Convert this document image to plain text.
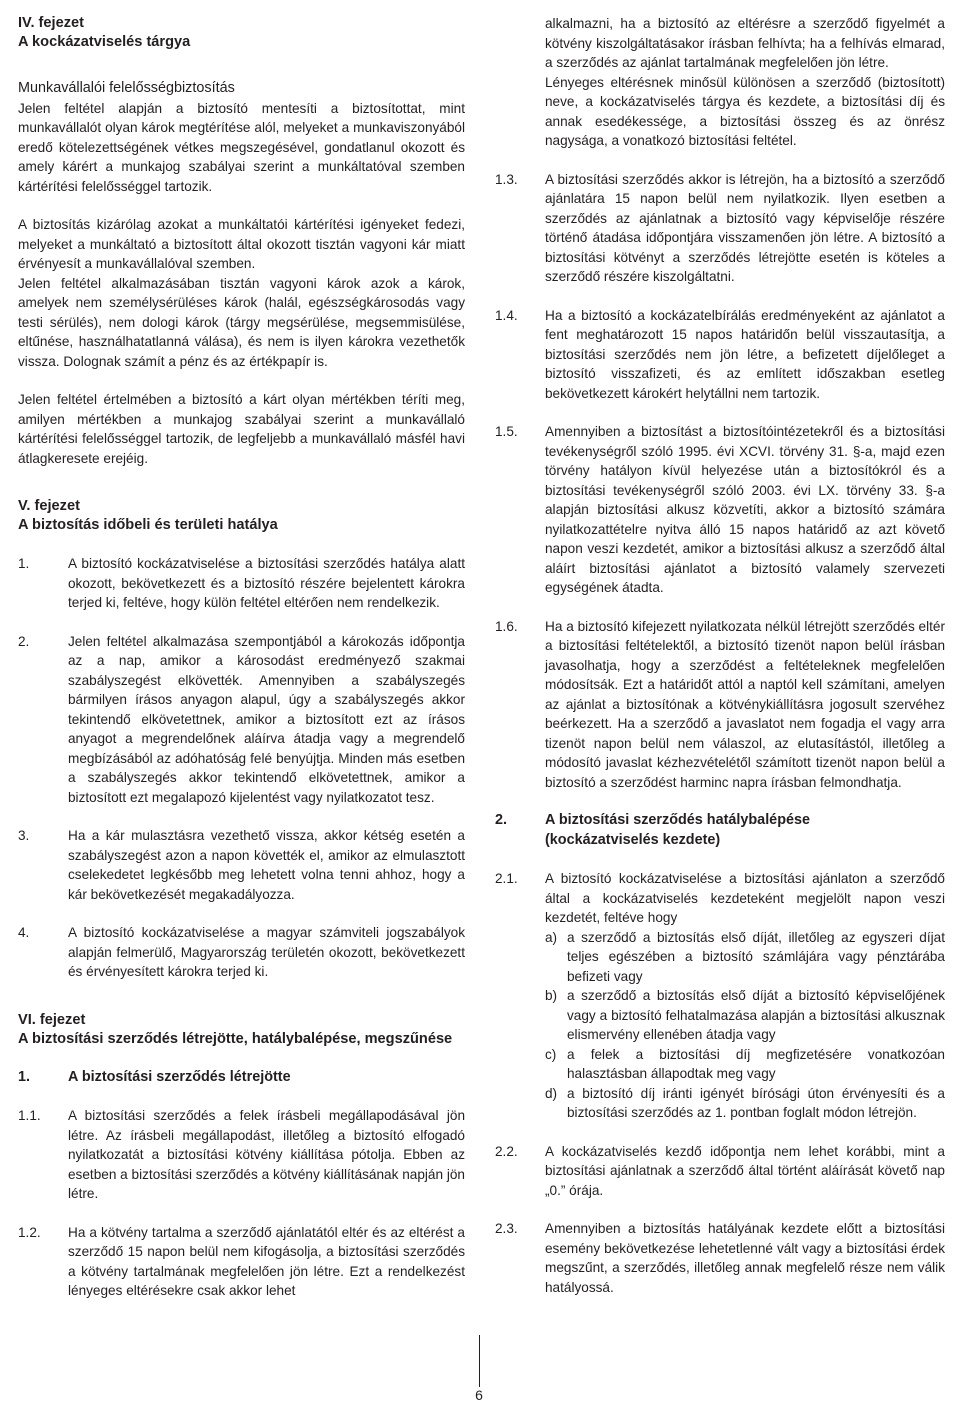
IV. fejezet

A kockázatviselés tárgya

Munkavállalói felelősségbiztosítás

Jelen feltétel alapján a biztosító mentesíti a biztosítottat, mint munkavállalót olyan károk megtérítése alól, melyeket a munkaviszonyából eredő kötelezettségének vétkes megszegésével, gondatlanul okozott és amely kárért a munkajog szabályai szerint a munkáltatóval szemben kártérítési felelősséggel tartozik.

A biztosítás kizárólag azokat a munkáltatói kártérítési igényeket fedezi, melyeket a munkáltató a biztosított által okozott tisztán vagyoni kár miatt érvényesít a munkavállalóval szemben.

Jelen feltétel alkalmazásában tisztán vagyoni károk azok a károk, amelyek nem személysérüléses károk (halál, egészségkárosodás vagy testi sérülés), nem dologi károk (tárgy megsérülése, megsemmisülése, eltűnése, használhatatlanná válása), és nem is ilyen károkra vezethetők vissza. Dolognak számít a pénz és az értékpapír is.

Jelen feltétel értelmében a biztosító a kárt olyan mértékben téríti meg, amilyen mértékben a munkajog szabályai szerint a munkavállaló kártérítési felelősséggel tartozik, de legfeljebb a munkavállaló másfél havi átlagkeresete erejéig.

V. fejezet

A biztosítás időbeli és területi hatálya

1.	A biztosító kockázatviselése a biztosítási szerződés hatálya alatt okozott, bekövetkezett és a biztosító részére bejelentett károkra terjed ki, feltéve, hogy külön feltétel eltérően nem rendelkezik.
2.	Jelen feltétel alkalmazása szempontjából a károkozás időpontja az a nap, amikor a károsodást eredményező szakmai szabályszegést elkövették. Amennyiben a szabályszegés bármilyen írásos anyagon alapul, úgy a szabályszegés akkor tekintendő elkövetettnek, amikor a biztosított ezt az írásos anyagot a megrendelőnek aláírva átadja vagy a megrendelő megbízásából az adóhatóság felé benyújtja. Minden más esetben a szabályszegés akkor tekintendő elkövetettnek, amikor a biztosított ezt megalapozó kijelentést vagy nyilatkozatot tesz.
3.	Ha a kár mulasztásra vezethető vissza, akkor kétség esetén a szabályszegést azon a napon követték el, amikor az elmulasztott cselekedetet legkésőbb meg lehetett volna tenni ahhoz, hogy a kár bekövetkezését megakadályozza.
4.	A biztosító kockázatviselése a magyar számviteli jogszabályok alapján felmerülő, Magyarország területén okozott, bekövetkezett és érvényesített károkra terjed ki.

VI. fejezet

A biztosítási szerződés létrejötte, hatálybalépése, megszűnése

1.	A biztosítási szerződés létrejötte
1.1.	A biztosítási szerződés a felek írásbeli megállapodásával jön létre. Az írásbeli megállapodást, illetőleg a biztosító elfogadó nyilatkozatát a biztosítási kötvény kiállítása pótolja. Ebben az esetben a biztosítási szerződés a kötvény kiállításának napján jön létre.
1.2.	Ha a kötvény tartalma a szerződő ajánlatától eltér és az eltérést a szerződő 15 napon belül nem kifogásolja, a biztosítási szerződés a kötvény tartalmának megfelelően jön létre. Ezt a rendelkezést lényeges eltérésekre csak akkor lehet
alkalmazni, ha a biztosító az eltérésre a szerződő figyelmét a kötvény kiszolgáltatásakor írásban felhívta; ha a felhívás elmarad, a szerződés az ajánlat tartalmának megfelelően jön létre.
Lényeges eltérésnek minősül különösen a szerződő (biztosított) neve, a kockázatviselés tárgya és kezdete, a biztosítási díj és annak esedékessége, a biztosítási összeg és az önrész nagysága, a vonatkozó biztosítási feltétel.
1.3.	A biztosítási szerződés akkor is létrejön, ha a biztosító a szerződő ajánlatára 15 napon belül nem nyilatkozik. Ilyen esetben a szerződés az ajánlatnak a biztosító vagy képviselője részére történő átadása időpontjára visszamenően jön létre. A biztosító a biztosítási kötvényt a szerződés létrejötte esetén is köteles a szerződő részére kiszolgáltatni.
1.4.	Ha a biztosító a kockázatelbírálás eredményeként az ajánlatot a fent meghatározott 15 napos határidőn belül visszautasítja, a biztosítási szerződés nem jön létre, a befizetett díjelőleget a biztosító visszafizeti, és az említett időszakban esetleg bekövetkezett károkért helytállni nem tartozik.
1.5.	Amennyiben a biztosítást a biztosítóintézetekről és a biztosítási tevékenységről szóló 1995. évi XCVI. törvény 31. §-a, majd ezen törvény hatályon kívül helyezése után a biztosítókról és a biztosítási tevékenységről szóló 2003. évi LX. törvény 33. §-a alapján biztosítási alkusz közvetíti, akkor a biztosító számára nyilatkozattételre nyitva álló 15 napos határidő az azt követő napon veszi kezdetét, amikor a biztosítási alkusz a szerződő által aláírt biztosítási ajánlatot a biztosító valamely szervezeti egységének átadta.
1.6.	Ha a biztosító kifejezett nyilatkozata nélkül létrejött szerződés eltér a biztosítási feltételektől, a biztosító tizenöt napon belül írásban javasolhatja, hogy a szerződést a feltételeknek megfelelően módosítsák. Ezt a határidőt attól a naptól kell számítani, amelyen az ajánlat a biztosítónak a kötvénykiállításra jogosult szervéhez beérkezett. Ha a szerződő a javaslatot nem fogadja el vagy arra tizenöt napon belül nem válaszol, az elutasítástól, illetőleg a módosító javaslat kézhezvételétől számított tizenöt napon belül a biztosító a szerződést harminc napra írásban felmondhatja.
2.	A biztosítási szerződés hatálybalépése
(kockázatviselés kezdete)
2.1.	A biztosító kockázatviselése a biztosítási ajánlaton a szerződő által a kockázatviselés kezdeteként megjelölt napon veszi kezdetét, feltéve hogy

a) a szerződő a biztosítás első díját, illetőleg az egyszeri díjat teljes egészében a biztosító számlájára vagy pénztárába befizeti vagy
b) a szerződő a biztosítás első díját a biztosító képviselőjének vagy a biztosító felhatalmazása alapján a biztosítási alkusznak elismervény ellenében átadja vagy
c) a felek a biztosítási díj megfizetésére vonatkozóan halasztásban állapodtak meg vagy
d) a biztosító díj iránti igényét bírósági úton érvényesíti és a biztosítási szerződés az 1. pontban foglalt módon létrejön.
2.2.	A kockázatviselés kezdő időpontja nem lehet korábbi, mint a biztosítási ajánlatnak a szerződő által történt aláírását követő nap „0.” órája.
2.3.	Amennyiben a biztosítás hatályának kezdete előtt a biztosítási esemény bekövetkezése lehetetlenné vált vagy a biztosítási érdek megszűnt, a szerződés, illetőleg annak megfelelő része nem válik hatályossá.
6
